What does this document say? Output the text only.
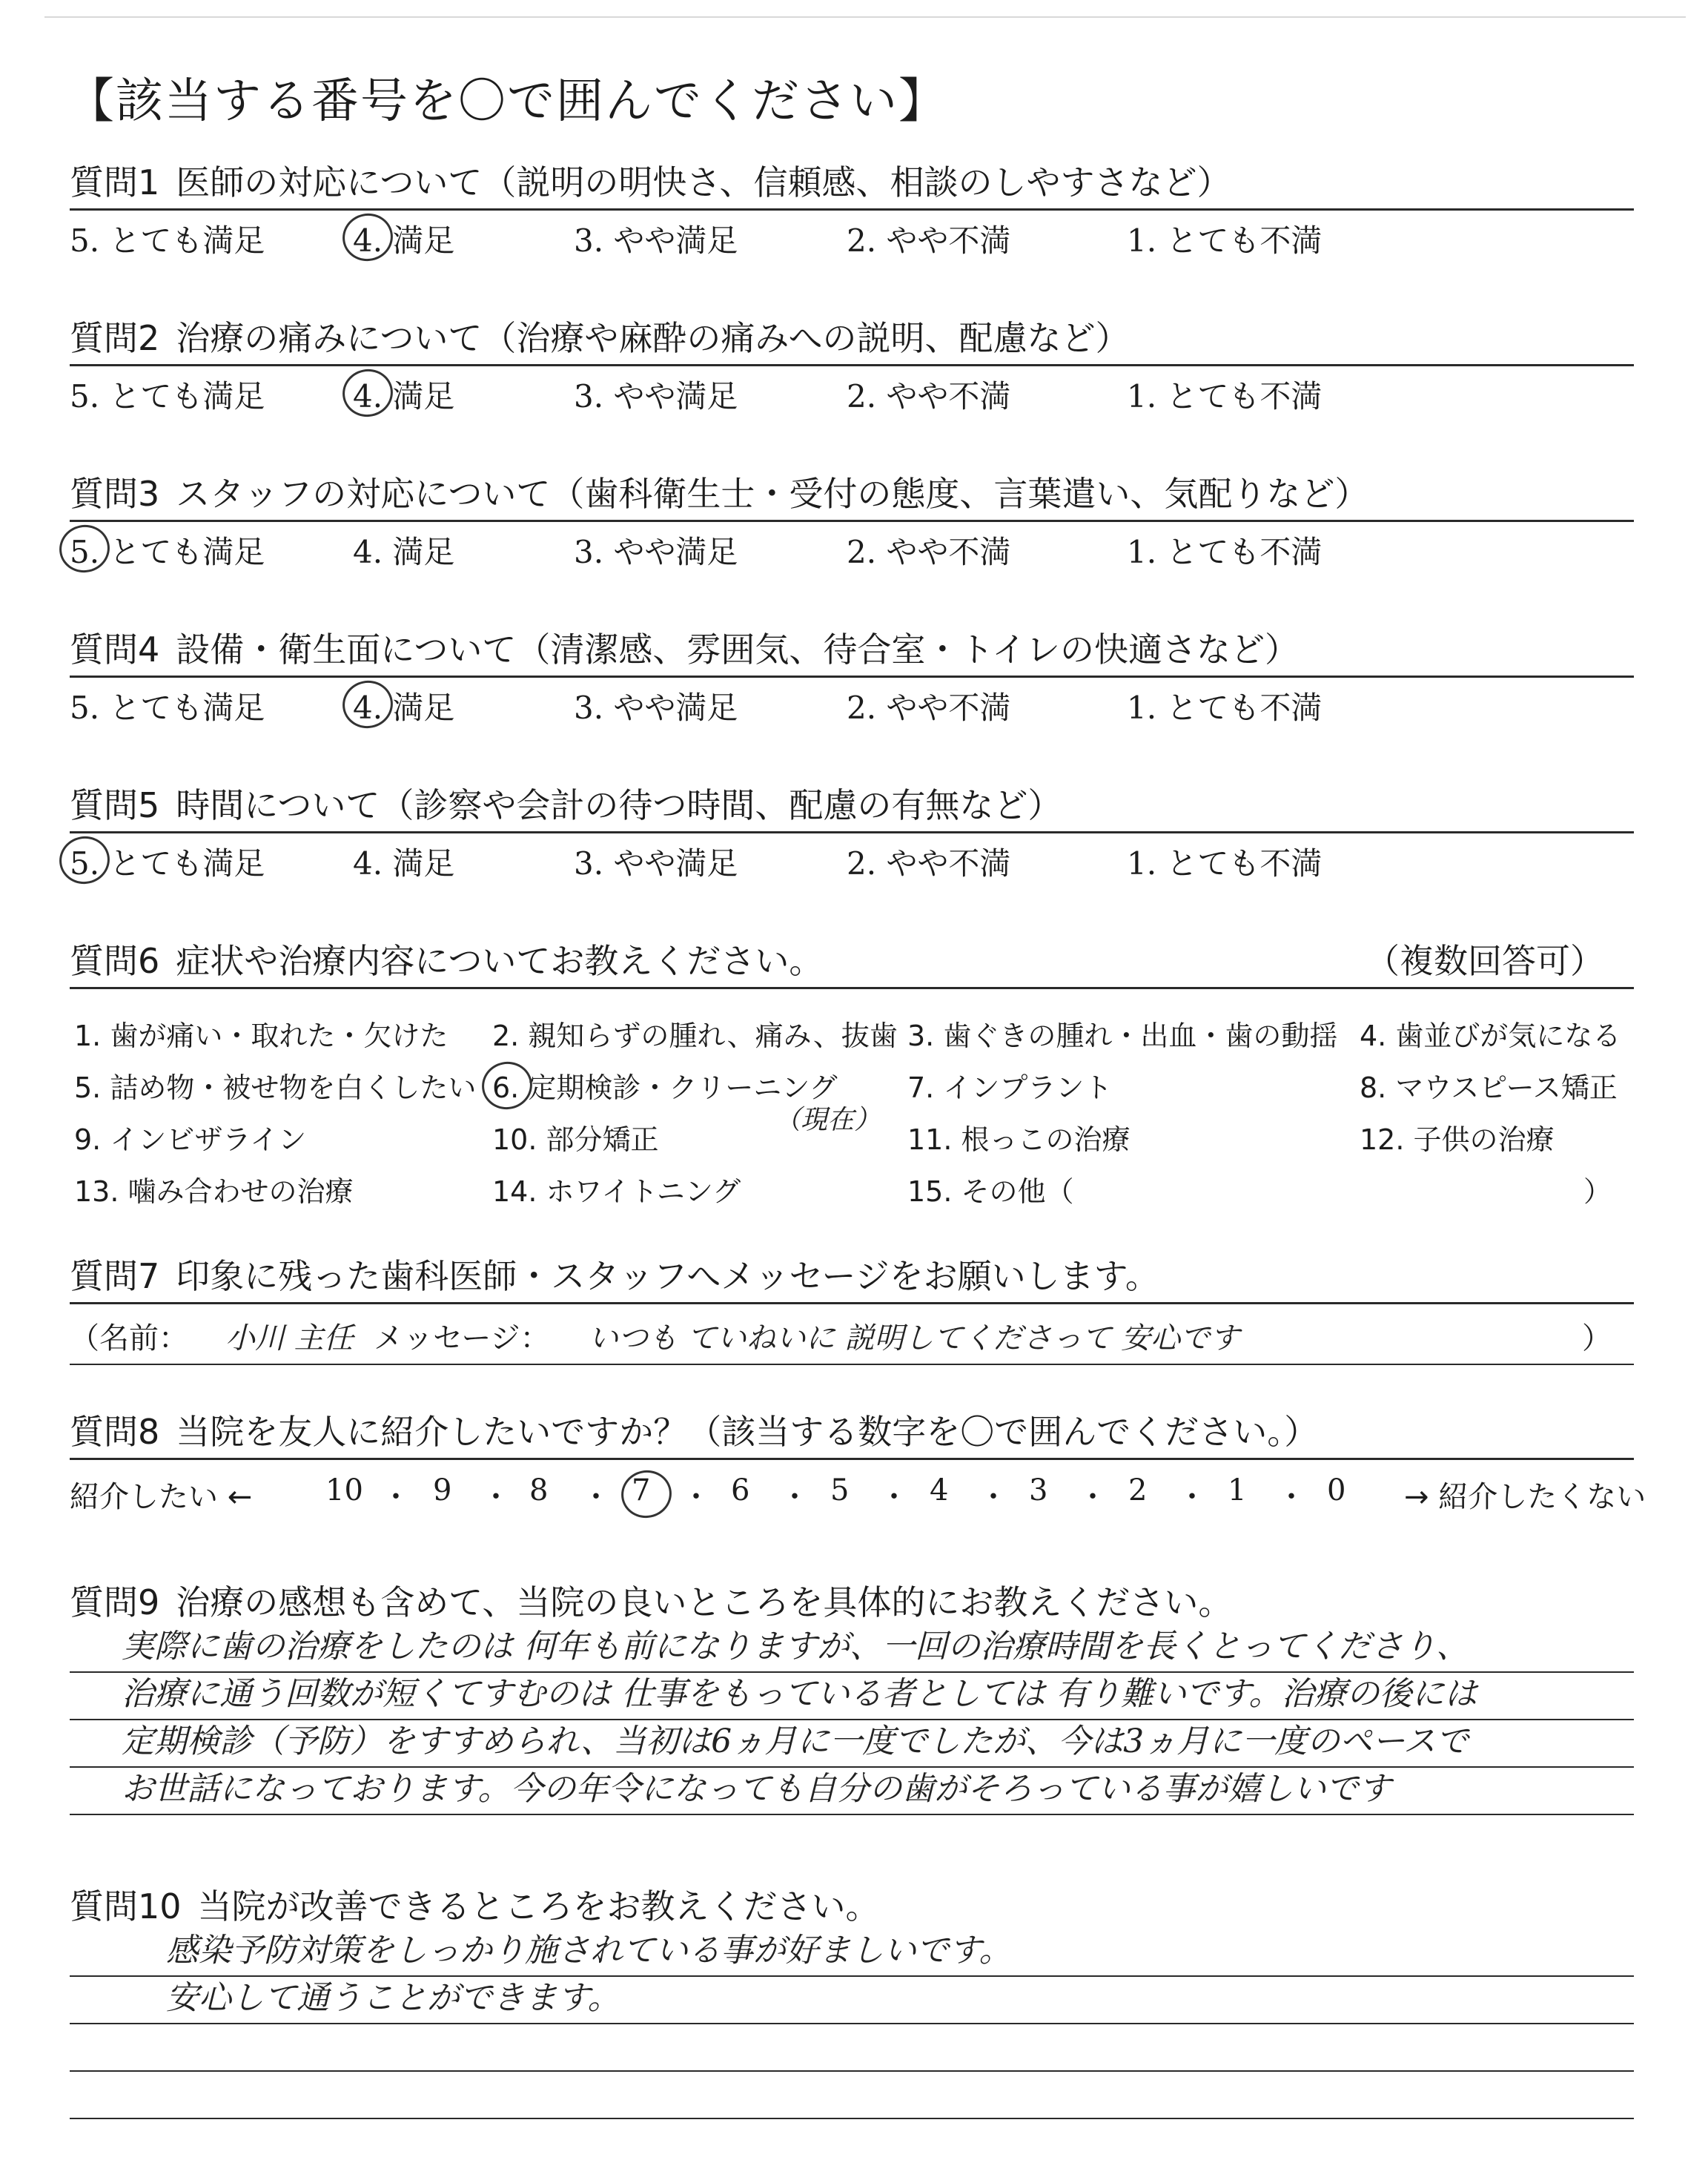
【該当する番号を〇で囲んでください】
質問1 医師の対応について（説明の明快さ、信頼感、相談のしやすさなど）
5. とても満足	4. 満足	3. やや満足	2. やや不満	1. とても不満
質問2 治療の痛みについて（治療や麻酔の痛みへの説明、配慮など）
5. とても満足	4. 満足	3. やや満足	2. やや不満	1. とても不満
質問3 スタッフの対応について（歯科衛生士・受付の態度、言葉遣い、気配りなど）
5. とても満足	4. 満足	3. やや満足	2. やや不満	1. とても不満
質問4 設備・衛生面について（清潔感、雰囲気、待合室・トイレの快適さなど）
5. とても満足	4. 満足	3. やや満足	2. やや不満	1. とても不満
質問5 時間について（診察や会計の待つ時間、配慮の有無など）
5. とても満足	4. 満足	3. やや満足	2. やや不満	1. とても不満
質問6 症状や治療内容についてお教えください。	（複数回答可）
1. 歯が痛い・取れた・欠けた 2. 親知らずの腫れ、痛み、抜歯 3. 歯ぐきの腫れ・出血・歯の動揺 4. 歯並びが気になる
5. 詰め物・被せ物を白くしたい 6. 定期検診・クリーニング 7. インプラント	8. マウスピース矯正
（現在）
9. インビザライン	10. 部分矯正	11. 根っこの治療	12. 子供の治療
13. 噛み合わせの治療	14. ホワイトニング	15. その他（	）
質問7 印象に残った歯科医師・スタッフへメッセージをお願いします。
（名前： 小川 主任 メッセージ： いつも ていねいに 説明してくださって 安心です	）
質問8 当院を友人に紹介したいですか？（該当する数字を〇で囲んでください。）
紹介したい ← 10 ・ 9 ・ 8 ・ 7 ・ 6 ・ 5 ・ 4 ・ 3 ・ 2 ・ 1 ・ 0 → 紹介したくない
質問9 治療の感想も含めて、当院の良いところを具体的にお教えください。
実際に歯の治療をしたのは 何年も前になりますが、一回の治療時間を長くとってくださり、
治療に通う回数が短くてすむのは 仕事をもっている者としては 有り難いです。治療の後には
定期検診（予防）をすすめられ、当初は6ヵ月に一度でしたが、今は3ヵ月に一度のペースで
お世話になっております。今の年令になっても自分の歯がそろっている事が嬉しいです
質問10 当院が改善できるところをお教えください。
感染予防対策をしっかり施されている事が好ましいです。
安心して通うことができます。
